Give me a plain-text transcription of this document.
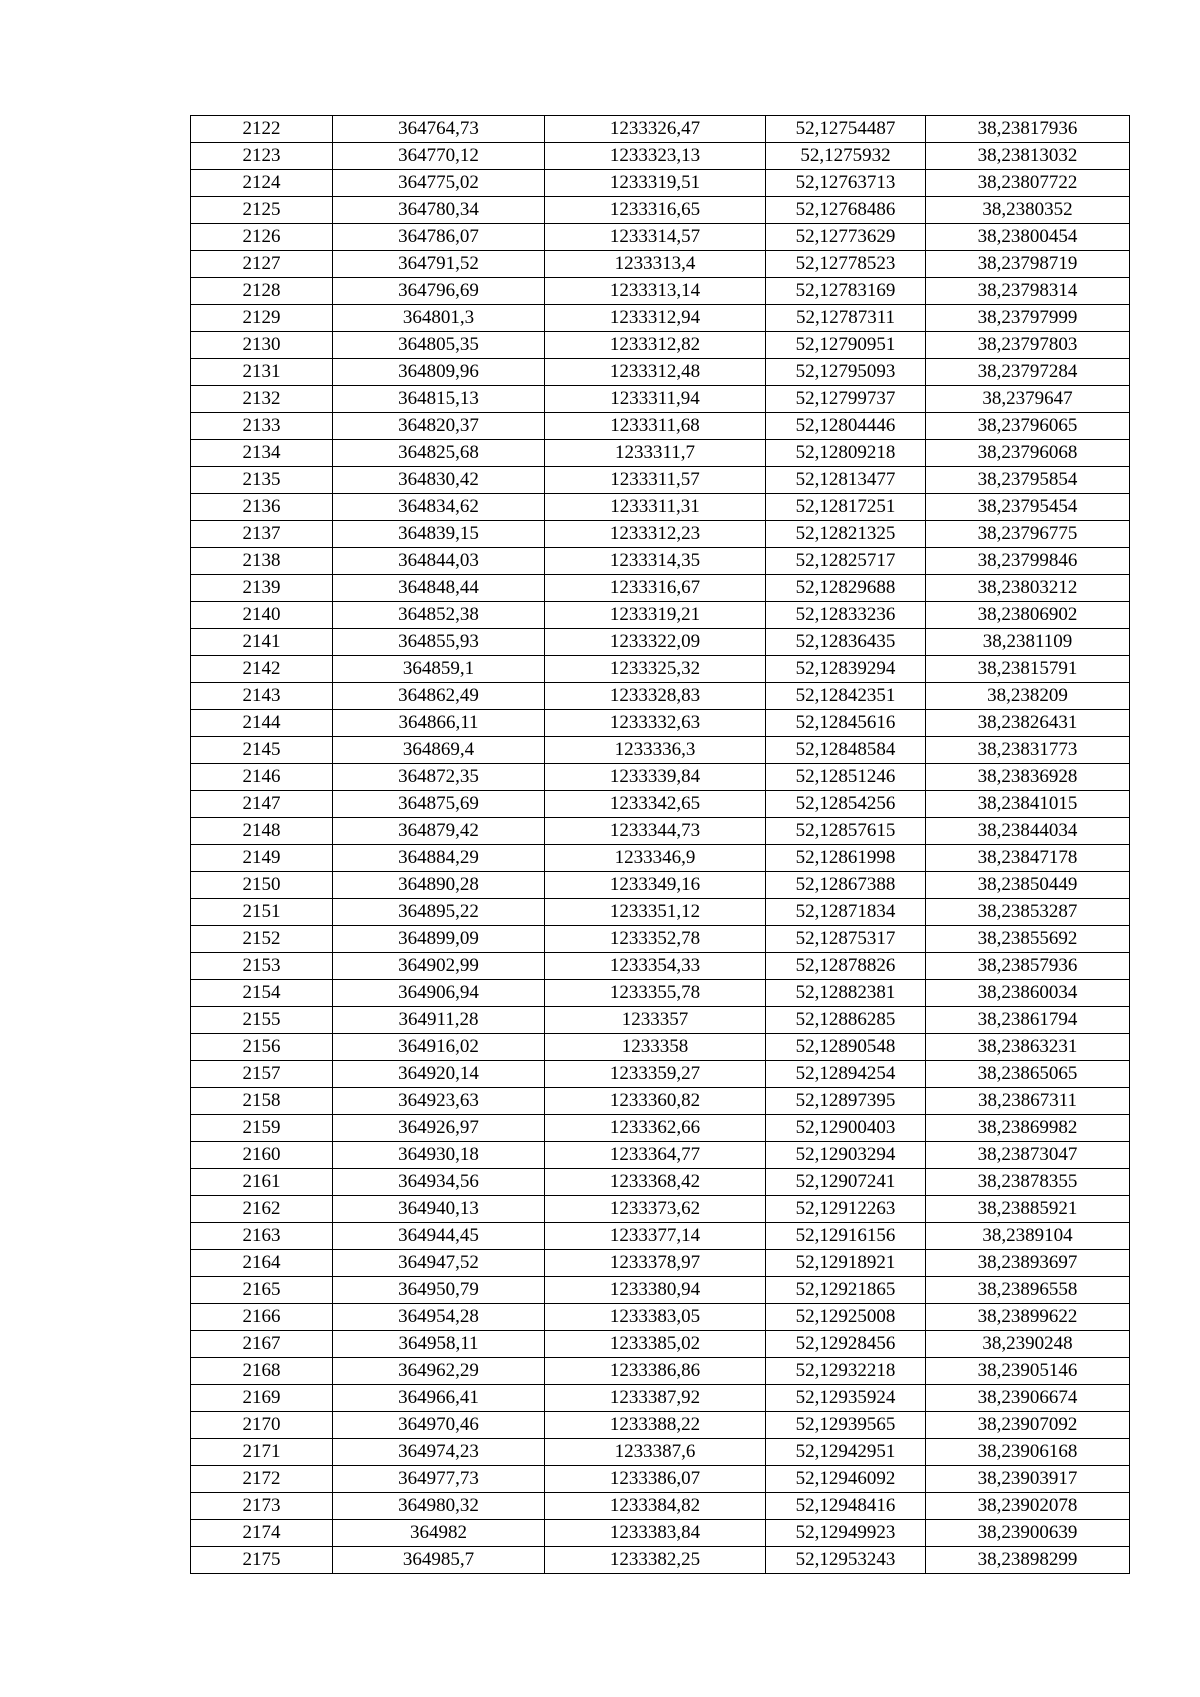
2122	364764,73	1233326,47	52,12754487	38,23817936
2123	364770,12	1233323,13	52,1275932	38,23813032
2124	364775,02	1233319,51	52,12763713	38,23807722
2125	364780,34	1233316,65	52,12768486	38,2380352
2126	364786,07	1233314,57	52,12773629	38,23800454
2127	364791,52	1233313,4	52,12778523	38,23798719
2128	364796,69	1233313,14	52,12783169	38,23798314
2129	364801,3	1233312,94	52,12787311	38,23797999
2130	364805,35	1233312,82	52,12790951	38,23797803
2131	364809,96	1233312,48	52,12795093	38,23797284
2132	364815,13	1233311,94	52,12799737	38,2379647
2133	364820,37	1233311,68	52,12804446	38,23796065
2134	364825,68	1233311,7	52,12809218	38,23796068
2135	364830,42	1233311,57	52,12813477	38,23795854
2136	364834,62	1233311,31	52,12817251	38,23795454
2137	364839,15	1233312,23	52,12821325	38,23796775
2138	364844,03	1233314,35	52,12825717	38,23799846
2139	364848,44	1233316,67	52,12829688	38,23803212
2140	364852,38	1233319,21	52,12833236	38,23806902
2141	364855,93	1233322,09	52,12836435	38,2381109
2142	364859,1	1233325,32	52,12839294	38,23815791
2143	364862,49	1233328,83	52,12842351	38,238209
2144	364866,11	1233332,63	52,12845616	38,23826431
2145	364869,4	1233336,3	52,12848584	38,23831773
2146	364872,35	1233339,84	52,12851246	38,23836928
2147	364875,69	1233342,65	52,12854256	38,23841015
2148	364879,42	1233344,73	52,12857615	38,23844034
2149	364884,29	1233346,9	52,12861998	38,23847178
2150	364890,28	1233349,16	52,12867388	38,23850449
2151	364895,22	1233351,12	52,12871834	38,23853287
2152	364899,09	1233352,78	52,12875317	38,23855692
2153	364902,99	1233354,33	52,12878826	38,23857936
2154	364906,94	1233355,78	52,12882381	38,23860034
2155	364911,28	1233357	52,12886285	38,23861794
2156	364916,02	1233358	52,12890548	38,23863231
2157	364920,14	1233359,27	52,12894254	38,23865065
2158	364923,63	1233360,82	52,12897395	38,23867311
2159	364926,97	1233362,66	52,12900403	38,23869982
2160	364930,18	1233364,77	52,12903294	38,23873047
2161	364934,56	1233368,42	52,12907241	38,23878355
2162	364940,13	1233373,62	52,12912263	38,23885921
2163	364944,45	1233377,14	52,12916156	38,2389104
2164	364947,52	1233378,97	52,12918921	38,23893697
2165	364950,79	1233380,94	52,12921865	38,23896558
2166	364954,28	1233383,05	52,12925008	38,23899622
2167	364958,11	1233385,02	52,12928456	38,2390248
2168	364962,29	1233386,86	52,12932218	38,23905146
2169	364966,41	1233387,92	52,12935924	38,23906674
2170	364970,46	1233388,22	52,12939565	38,23907092
2171	364974,23	1233387,6	52,12942951	38,23906168
2172	364977,73	1233386,07	52,12946092	38,23903917
2173	364980,32	1233384,82	52,12948416	38,23902078
2174	364982	1233383,84	52,12949923	38,23900639
2175	364985,7	1233382,25	52,12953243	38,23898299
